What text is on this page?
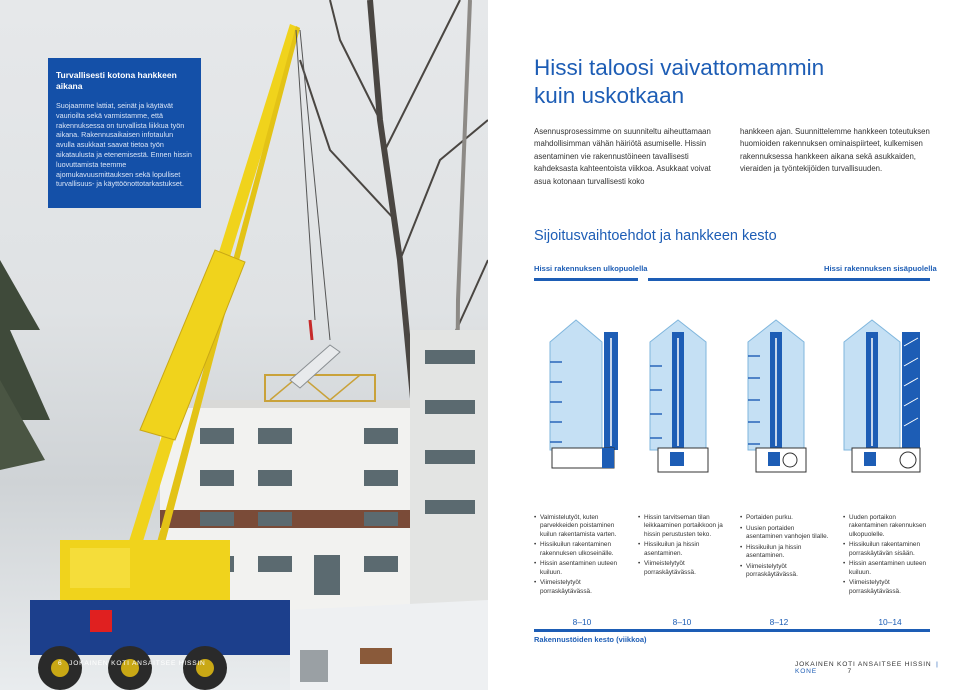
Turvallisesti kotona hankkeen aikana
Suojaamme lattiat, seinät ja käytävät vaurioilta sekä varmistamme, että rakennuksessa on turvallista liikkua työn aikana. Rakennusaikaisen infotaulun avulla asukkaat saavat tietoa työn aikataulusta ja etenemisestä. Ennen hissin luovuttamista teemme ajomukavuusmittauksen sekä lopulliset turvallisuus- ja käyttöönottotarkastukset.
6 JOKAINEN KOTI ANSAITSEE HISSIN
Hissi taloosi vaivattomammin kuin uskotkaan
Asennusprosessimme on suunniteltu aiheuttamaan mahdollisimman vähän häiriötä asumiselle. Hissin asentaminen vie rakennustöineen tavallisesti kahdeksasta kahteentoista viikkoa. Asukkaat voivat asua kotonaan turvallisesti koko
hankkeen ajan. Suunnittelemme hankkeen toteutuksen huomioiden rakennuksen ominaispiirteet, kulkemisen rakennuksessa hankkeen aikana sekä asukkaiden, vieraiden ja työntekijöiden turvallisuuden.
Sijoitusvaihtoehdot ja hankkeen kesto
Hissi rakennuksen ulkopuolella	Hissi rakennuksen sisäpuolella
• Valmistelutyöt, kuten parvekkeiden poistaminen kuilun rakentamista varten.
• Hissikuilun rakentaminen rakennuksen ulkoseinälle.
• Hissin asentaminen uuteen kuiluun.
• Viimeistelytyöt porraskäytävässä.
• Hissin tarvitseman tilan leikkaaminen portaikkoon ja hissin perustusten teko.
• Hissikuilun ja hissin asentaminen.
• Viimeistelytyöt porraskäytävässä.
• Portaiden purku.
• Uusien portaiden asentaminen vanhojen tilalle.
• Hissikuilun ja hissin asentaminen.
• Viimeistelytyöt porraskäytävässä.
• Uuden portaikon rakentaminen rakennuksen ulkopuolelle.
• Hissikuilun rakentaminen porraskäytävän sisään.
• Hissin asentaminen uuteen kuiluun.
• Viimeistelytyöt porraskäytävässä.
8–10	8–10	8–12	10–14
Rakennustöiden kesto (viikkoa)
JOKAINEN KOTI ANSAITSEE HISSIN | KONE	7
